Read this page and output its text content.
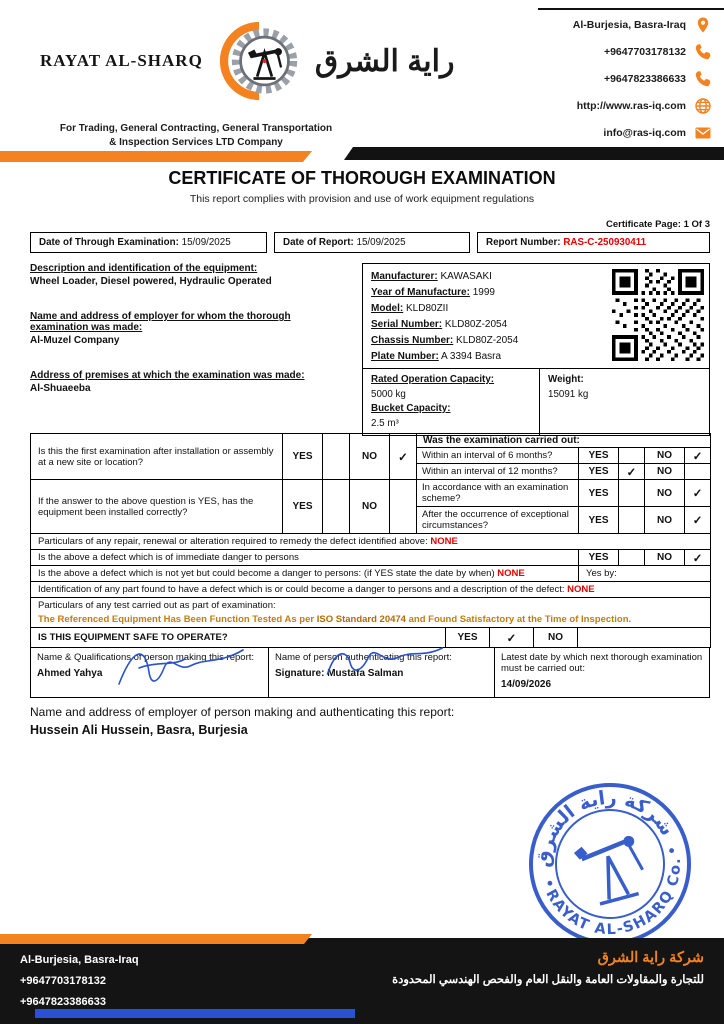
RAYAT AL-SHARQ	راية الشرق
For Trading, General Contracting, General Transportation
& Inspection Services LTD Company
Al-Burjesia, Basra-Iraq
+9647703178132
+9647823386633
http://www.ras-iq.com
info@ras-iq.com
CERTIFICATE OF THOROUGH EXAMINATION
This report complies with provision and use of work equipment regulations
Certificate Page: 1 Of 3
Date of Through Examination: 15/09/2025	Date of Report: 15/09/2025	Report Number: RAS-C-250930411
Description and identification of the equipment:
Wheel Loader, Diesel powered, Hydraulic Operated
Name and address of employer for whom the thorough examination was made:
Al-Muzel Company
Address of premises at which the examination was made:
Al-Shuaeeba
Manufacturer: KAWASAKI
Year of Manufacture: 1999
Model: KLD80ZII
Serial Number: KLD80Z-2054
Chassis Number: KLD80Z-2054
Plate Number: A 3394 Basra
Rated Operation Capacity:
5000 kg
Bucket Capacity:
2.5 m³
Weight:
15091 kg
Is this the first examination after installation or assembly at a new site or location?	YES		NO	✓	Was the examination carried out:				
					Within an interval of 6 months?	YES		NO	✓
					Within an interval of 12 months?	YES	✓	NO	
If the answer to the above question is YES, has the equipment been installed correctly?	YES		NO		In accordance with an examination scheme?	YES		NO	✓
					After the occurrence of exceptional circumstances?	YES		NO	✓
Particulars of any repair, renewal or alteration required to remedy the defect identified above: NONE									
Is the above a defect which is of immediate danger to persons						YES		NO	✓
Is the above a defect which is not yet but could become a danger to persons: (if YES state the date by when) NONE						Yes by:			
Identification of any part found to have a defect which is or could become a danger to persons and a description of the defect: NONE									

Particulars of any test carried out as part of examination:
The Referenced Equipment Has Been Function Tested As per ISO Standard 20474 and Found Satisfactory at the Time of Inspection.									
IS THIS EQUIPMENT SAFE TO OPERATE?	YES	✓	NO	
Name & Qualifications of person making this report:
Ahmed Yahya

Name of person authenticating this report:
Signature: Mustafa Salman

Latest date by which next thorough examination must be carried out:
14/09/2026
Name and address of employer of person making and authenticating this report:
Hussein Ali Hussein, Basra, Burjesia
شركة راية الشرق
RAYAT AL-SHARQ Co.
Al-Burjesia, Basra-Iraq
+9647703178132
+9647823386633
شركة راية الشرق
للتجارة والمقاولات العامة والنقل العام والفحص الهندسي المحدودة
